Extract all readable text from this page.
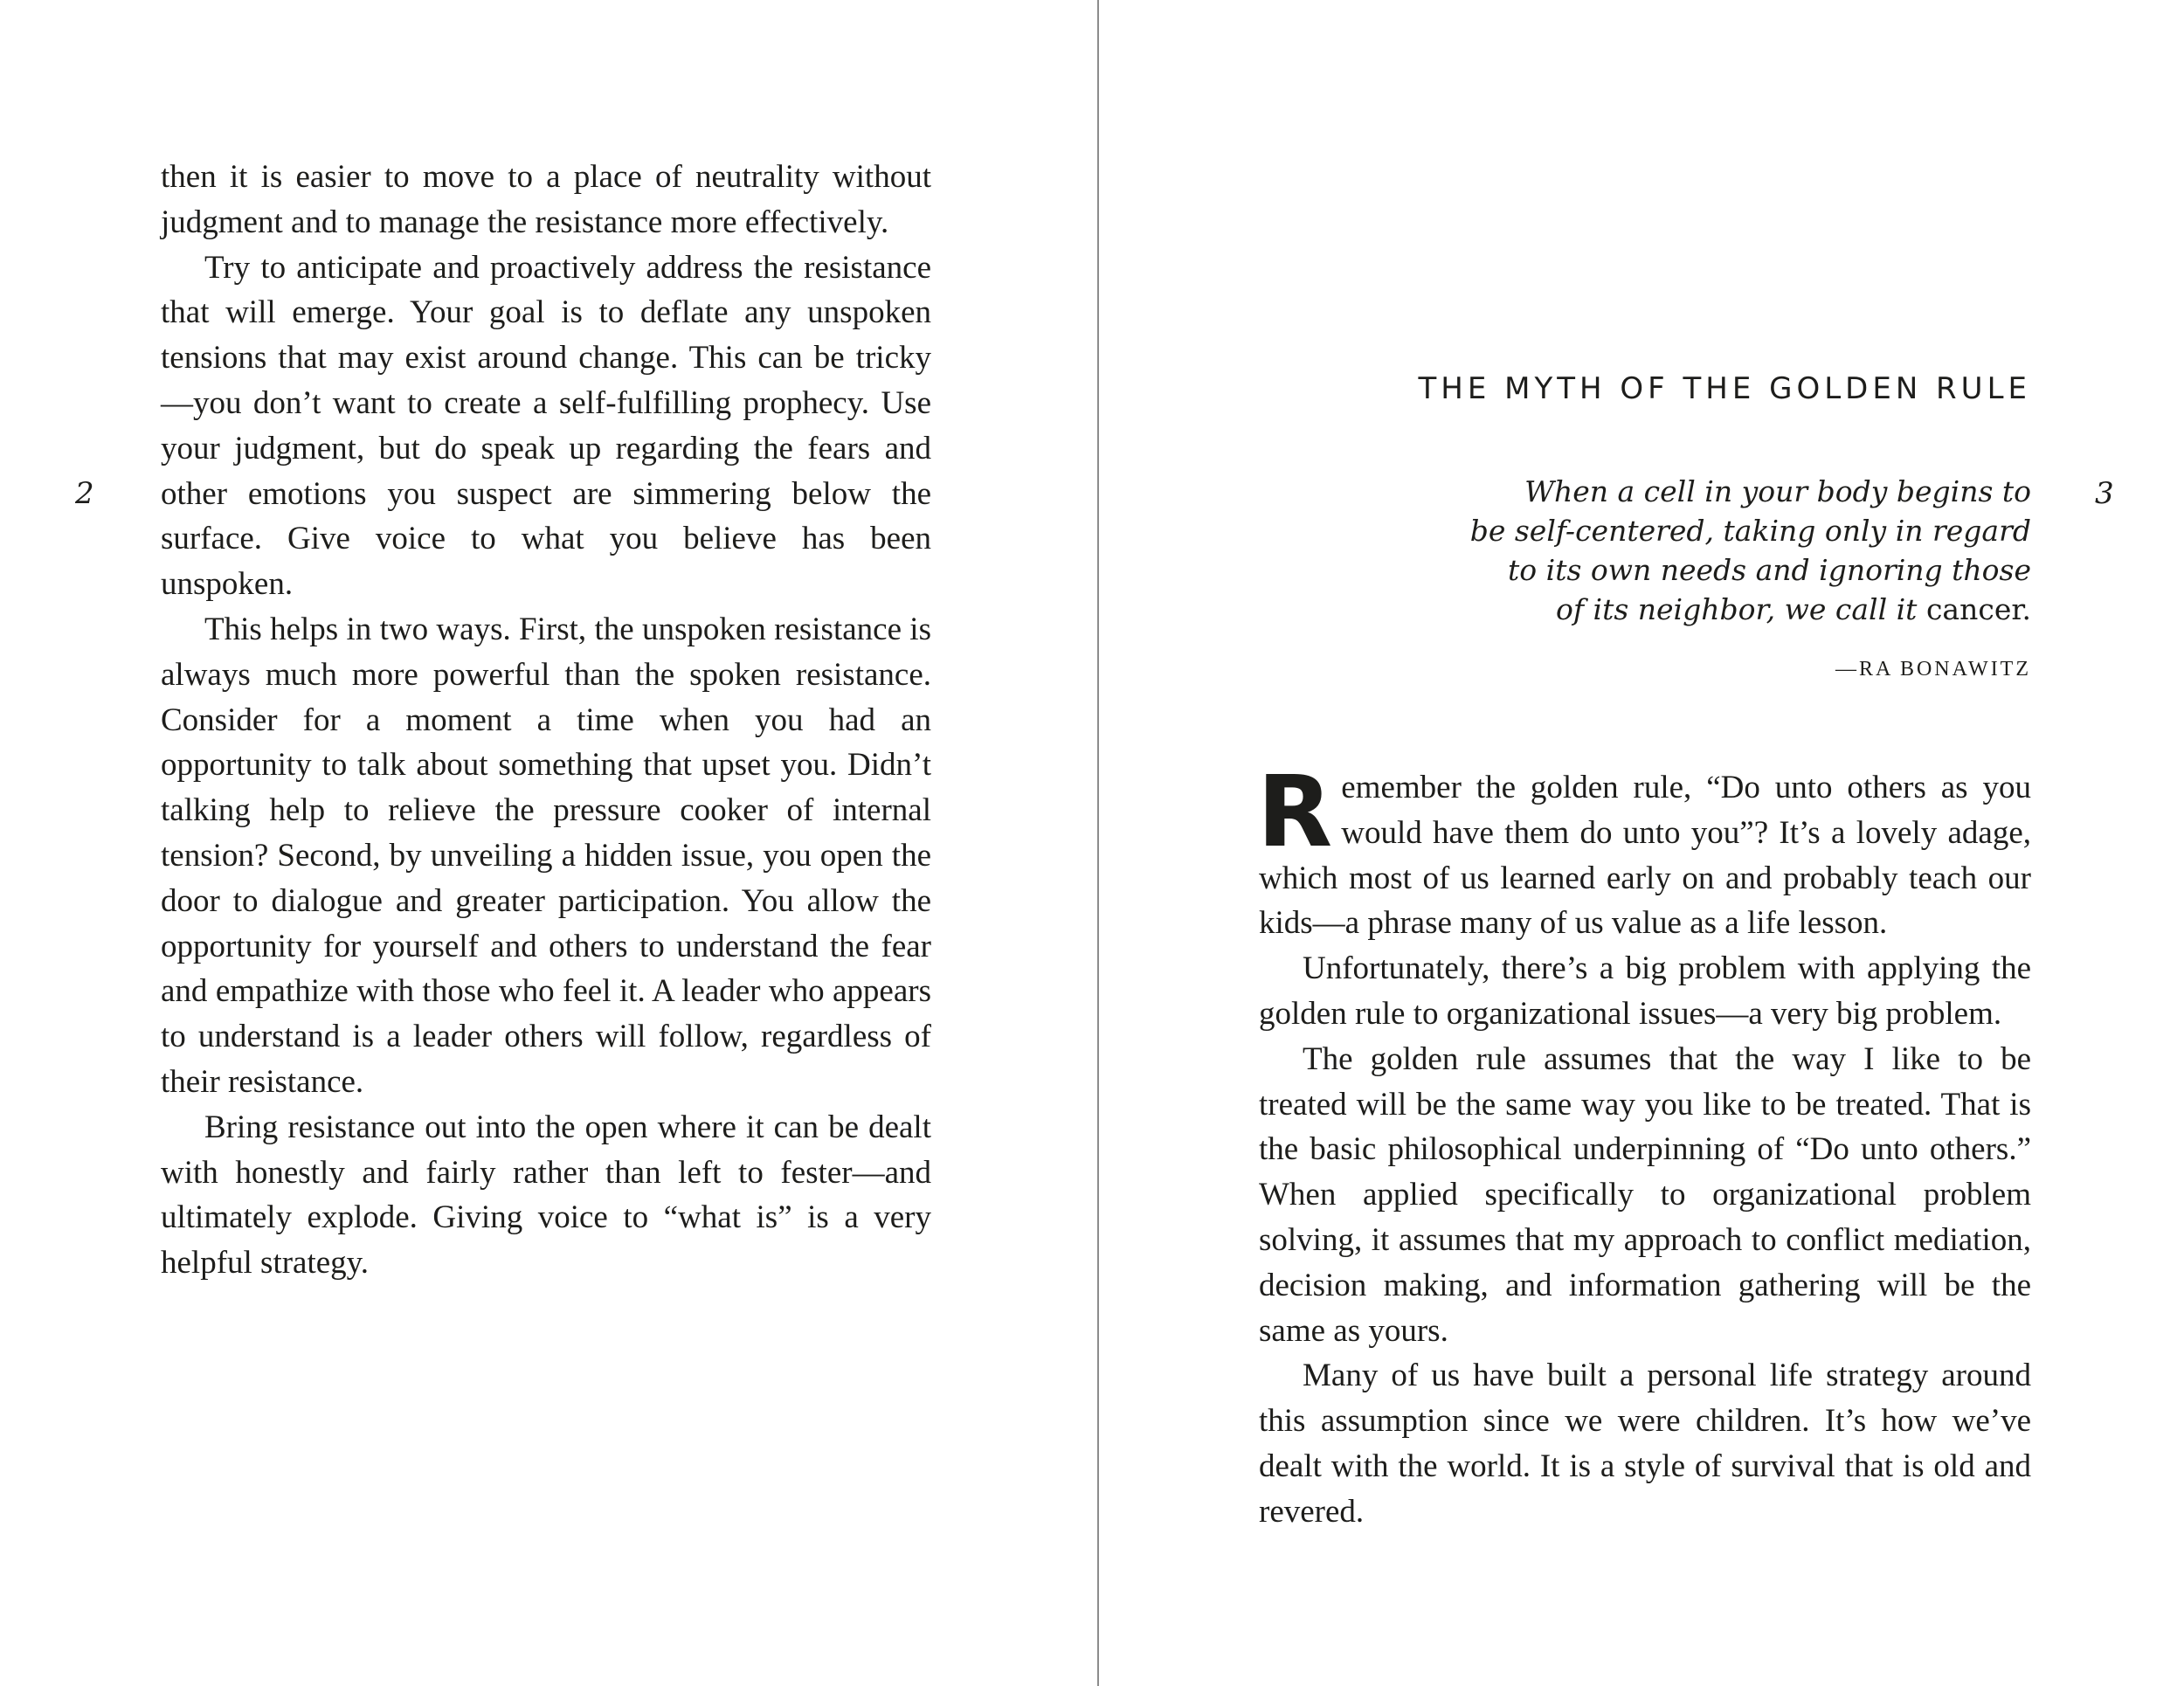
2

then it is easier to move to a place of neutrality without judgment and to manage the resistance more effectively.

Try to anticipate and proactively address the resistance that will emerge. Your goal is to deflate any unspoken tensions that may exist around change. This can be tricky—you don’t want to create a self-fulfilling prophecy. Use your judgment, but do speak up regarding the fears and other emotions you suspect are simmering below the surface. Give voice to what you believe has been unspoken.

This helps in two ways. First, the unspoken resistance is always much more powerful than the spoken resistance. Consider for a moment a time when you had an opportunity to talk about something that upset you. Didn’t talking help to relieve the pressure cooker of internal tension? Second, by unveiling a hidden issue, you open the door to dialogue and greater participation. You allow the opportunity for yourself and others to understand the fear and empathize with those who feel it. A leader who appears to understand is a leader others will follow, regardless of their resistance.

Bring resistance out into the open where it can be dealt with honestly and fairly rather than left to fester—and ultimately explode. Giving voice to “what is” is a very helpful strategy.

THE MYTH OF THE GOLDEN RULE
When a cell in your body begins to
be self-centered, taking only in regard
to its own needs and ignoring those
of its neighbor, we call it cancer.
—RA BONAWITZ
3

Remember the golden rule, “Do unto others as you would have them do unto you”? It’s a lovely adage, which most of us learned early on and probably teach our kids—a phrase many of us value as a life lesson.

Unfortunately, there’s a big problem with applying the golden rule to organizational issues—a very big problem.

The golden rule assumes that the way I like to be treated will be the same way you like to be treated. That is the basic philosophical underpinning of “Do unto others.” When applied specifically to organizational problem solving, it assumes that my approach to conflict mediation, decision making, and information gathering will be the same as yours.

Many of us have built a personal life strategy around this assumption since we were children. It’s how we’ve dealt with the world. It is a style of survival that is old and revered.
